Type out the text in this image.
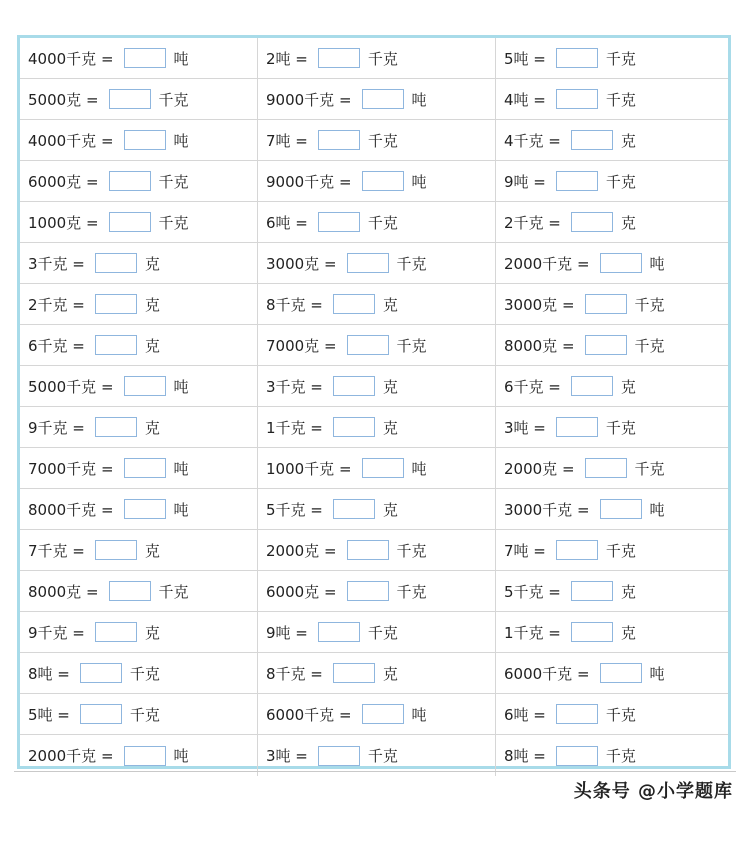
4000千克 =	吨	2吨 =	千克	5吨 =	千克
5000克 =	千克	9000千克 =	吨	4吨 =	千克
4000千克 =	吨	7吨 =	千克	4千克 =	克
6000克 =	千克	9000千克 =	吨	9吨 =	千克
1000克 =	千克	6吨 =	千克	2千克 =	克
3千克 =	克	3000克 =	千克	2000千克 =	吨
2千克 =	克	8千克 =	克	3000克 =	千克
6千克 =	克	7000克 =	千克	8000克 =	千克
5000千克 =	吨	3千克 =	克	6千克 =	克
9千克 =	克	1千克 =	克	3吨 =	千克
7000千克 =	吨	1000千克 =	吨	2000克 =	千克
8000千克 =	吨	5千克 =	克	3000千克 =	吨
7千克 =	克	2000克 =	千克	7吨 =	千克
8000克 =	千克	6000克 =	千克	5千克 =	克
9千克 =	克	9吨 =	千克	1千克 =	克
8吨 =	千克	8千克 =	克	6000千克 =	吨
5吨 =	千克	6000千克 =	吨	6吨 =	千克
2000千克 =	吨	3吨 =	千克	8吨 =	千克
头条号 @小学题库
